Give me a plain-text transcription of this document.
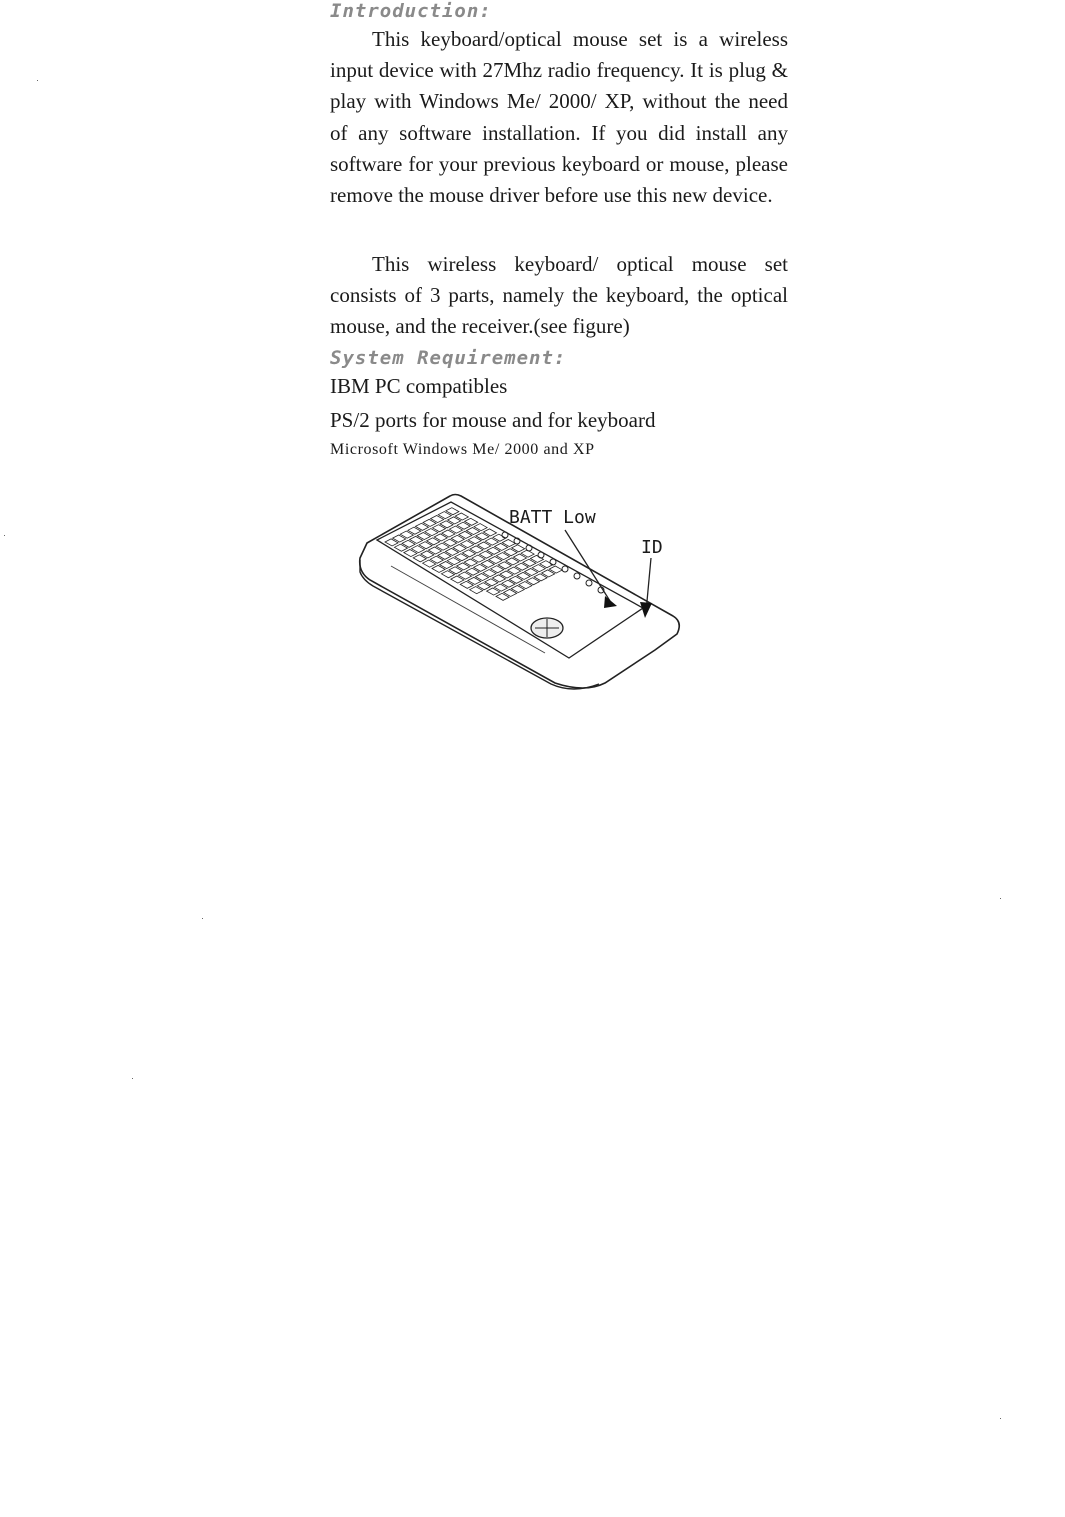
Introduction:

This keyboard/optical mouse set is a wireless input device with 27Mhz radio frequency. It is plug & play with Windows Me/ 2000/ XP, without the need of any software installation. If you did install any software for your previous keyboard or mouse, please remove the mouse driver before use this new device.

This wireless keyboard/ optical mouse set consists of 3 parts, namely the keyboard, the optical mouse, and the receiver.(see figure)

System Requirement:

IBM PC compatibles

PS/2 ports for mouse and for keyboard

Microsoft Windows Me/ 2000 and XP

BATT Low
ID
